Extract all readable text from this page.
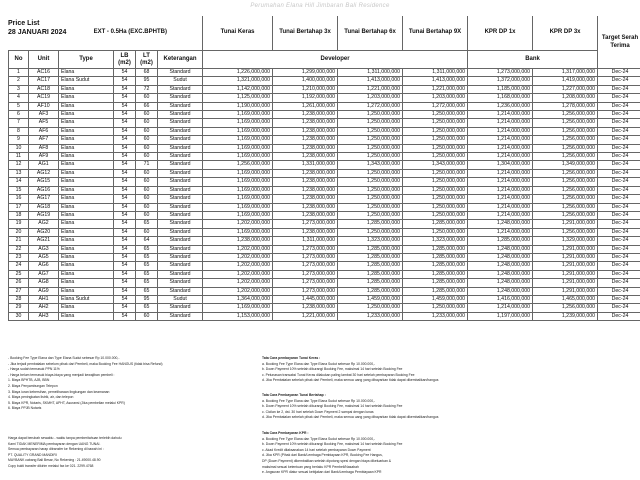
Perumahan Elana Hill Jimbaran Bali Residence
Price List
28 JANUARI 2024
		EXT - 0.5Ha (EXC.BPHTB)				Tunai Keras	Tunai Bertahap 3x	Tunai Bertahap 6x	Tunai Bertahap 9X	KPR DP 1x	KPR DP 3x	Target Serah Terima
No	Unit	Type	LB (m2)	LT (m2)	Keterangan	Developer				Bank		
1	AC16	Elana	54	68	Standard	1,226,000,000	1,299,000,000	1,311,000,000	1,311,000,000	1,273,000,000	1,317,000,000	Dec-24
2	AC17	Elana Sudut	54	95	Sudut	1,321,000,000	1,400,000,000	1,413,000,000	1,413,000,000	1,372,000,000	1,419,000,000	Dec-24
3	AC18	Elana	54	72	Standard	1,142,000,000	1,210,000,000	1,221,000,000	1,221,000,000	1,185,000,000	1,227,000,000	Dec-24
4	AC19	Elana	54	60	Standard	1,125,000,000	1,192,000,000	1,203,000,000	1,203,000,000	1,168,000,000	1,208,000,000	Dec-24
5	AF10	Elana	54	66	Standard	1,190,000,000	1,261,000,000	1,272,000,000	1,272,000,000	1,236,000,000	1,278,000,000	Dec-24
6	AF3	Elana	54	60	Standard	1,169,000,000	1,238,000,000	1,250,000,000	1,250,000,000	1,214,000,000	1,256,000,000	Dec-24
7	AF5	Elana	54	60	Standard	1,169,000,000	1,238,000,000	1,250,000,000	1,250,000,000	1,214,000,000	1,256,000,000	Dec-24
8	AF6	Elana	54	60	Standard	1,169,000,000	1,238,000,000	1,250,000,000	1,250,000,000	1,214,000,000	1,256,000,000	Dec-24
9	AF7	Elana	54	60	Standard	1,169,000,000	1,238,000,000	1,250,000,000	1,250,000,000	1,214,000,000	1,256,000,000	Dec-24
10	AF8	Elana	54	60	Standard	1,169,000,000	1,238,000,000	1,250,000,000	1,250,000,000	1,214,000,000	1,256,000,000	Dec-24
11	AF9	Elana	54	60	Standard	1,169,000,000	1,238,000,000	1,250,000,000	1,250,000,000	1,214,000,000	1,256,000,000	Dec-24
12	AG1	Elana	54	71	Standard	1,256,000,000	1,331,000,000	1,343,000,000	1,343,000,000	1,304,000,000	1,349,000,000	Dec-24
13	AG12	Elana	54	60	Standard	1,169,000,000	1,238,000,000	1,250,000,000	1,250,000,000	1,214,000,000	1,256,000,000	Dec-24
14	AG15	Elana	54	60	Standard	1,169,000,000	1,238,000,000	1,250,000,000	1,250,000,000	1,214,000,000	1,256,000,000	Dec-24
15	AG16	Elana	54	60	Standard	1,169,000,000	1,238,000,000	1,250,000,000	1,250,000,000	1,214,000,000	1,256,000,000	Dec-24
16	AG17	Elana	54	60	Standard	1,169,000,000	1,238,000,000	1,250,000,000	1,250,000,000	1,214,000,000	1,256,000,000	Dec-24
17	AG18	Elana	54	60	Standard	1,169,000,000	1,238,000,000	1,250,000,000	1,250,000,000	1,214,000,000	1,256,000,000	Dec-24
18	AG19	Elana	54	60	Standard	1,169,000,000	1,238,000,000	1,250,000,000	1,250,000,000	1,214,000,000	1,256,000,000	Dec-24
19	AG2	Elana	54	65	Standard	1,202,000,000	1,273,000,000	1,285,000,000	1,285,000,000	1,248,000,000	1,291,000,000	Dec-24
20	AG20	Elana	54	60	Standard	1,169,000,000	1,238,000,000	1,250,000,000	1,250,000,000	1,214,000,000	1,256,000,000	Dec-24
21	AG21	Elana	54	64	Standard	1,238,000,000	1,311,000,000	1,323,000,000	1,323,000,000	1,285,000,000	1,329,000,000	Dec-24
22	AG3	Elana	54	65	Standard	1,202,000,000	1,273,000,000	1,285,000,000	1,285,000,000	1,248,000,000	1,291,000,000	Dec-24
23	AG5	Elana	54	65	Standard	1,202,000,000	1,273,000,000	1,285,000,000	1,285,000,000	1,248,000,000	1,291,000,000	Dec-24
24	AG6	Elana	54	65	Standard	1,202,000,000	1,273,000,000	1,285,000,000	1,285,000,000	1,248,000,000	1,291,000,000	Dec-24
25	AG7	Elana	54	65	Standard	1,202,000,000	1,273,000,000	1,285,000,000	1,285,000,000	1,248,000,000	1,291,000,000	Dec-24
26	AG8	Elana	54	65	Standard	1,202,000,000	1,273,000,000	1,285,000,000	1,285,000,000	1,248,000,000	1,291,000,000	Dec-24
27	AG9	Elana	54	65	Standard	1,202,000,000	1,273,000,000	1,285,000,000	1,285,000,000	1,248,000,000	1,291,000,000	Dec-24
28	AH1	Elana Sudut	54	95	Sudut	1,364,000,000	1,445,000,000	1,459,000,000	1,459,000,000	1,416,000,000	1,465,000,000	Dec-24
29	AH2	Elana	54	65	Standard	1,169,000,000	1,238,000,000	1,250,000,000	1,250,000,000	1,214,000,000	1,256,000,000	Dec-24
30	AH3	Elana	54	60	Standard	1,153,000,000	1,221,000,000	1,233,000,000	1,233,000,000	1,197,000,000	1,239,000,000	Dec-24
- Booking Fee Type Elana dan Type Elana Sudut sebesar Rp 10.000.000,-
- Jika terjadi pembatalan sebelum pihak dari Pembeli, maka Booking Fee HANGUS (tidak bisa Refund)
- Harga sudah termasuk PPN 11%
- Harga belum termasuk biaya-biaya yang menjadi kewajiban pembeli :
1. Biaya BPHTB, AJB, BBN
2. Biaya Penyambungan Telepon
3. Biaya iuran kebersihan, pemeliharaan lingkungan dan keamanan
4. Biaya peningkatan listrik, air, dan telepon
5. Biaya KPR, Notaris, SKMHT, APHT, Asuransi (Jika pembelian melalui KPR)
6. Biaya PPJB Notaris
Harga dapat berubah sewaktu - waktu tanpa pemberitahuan terlebih dahulu
Kami TIDAK MENERIMA pembayaran dengan UANG TUNAI.
Semua pembayaran harap ditransfer ke Rekening di bawah ini :
PT. QUALITY GRAND MANDIRI
MAYBANK cabang Bali Besar, No Rekening : 21.49000.48.90
Copy bukti transfer dikirim melalui fax ke 021. 2299.4768
Tata Cara pembayaran Tunai Keras :
a. Booking Fee Type Elana dan Type Elana Sudut sebesar Rp 10.000.000,-
b. Down Payment 10% setelah dikurangi Booking Fee, maksimal 14 hari setelah Booking Fee
c. Pelunasan transaksi Tunai Keras dilakukan paling lambat 30 hari setelah pembayaran Booking Fee
d. Jika Pembatalan sebelah pihak dari Pembeli, maka semua uang yang dibayarkan tidak dapat dikembalikan/hangus
Tata Cara Pembayaran Tunai Bertahap :
a. Booking Fee Type Elana dan Type Elana Sudut sebesar Rp 10.000.000,-
b. Down Payment 10% setelah dikurangi Booking Fee, maksimal 14 hari setelah Booking Fee
c. Cicilan ke 2, dst. 30 hari setelah Down Payment 2 sampai dengan lunas
d. Jika Pembatalan sebelah pihak dari Pembeli, maka semua uang yang dibayarkan tidak dapat dikembalikan/hangus
Tata Cara Pembayaran KPR :
a. Booking Fee Type Elana dan Type Elana Sudut sebesar Rp 10.000.000,-
b. Down Payment 10% setelah dikurangi Booking Fee, maksimal 14 hari setelah Booking Fee
c. Akad Kredit dilaksanakan 14 hari setelah pembayaran Down Payment
d. Jika KPR (Pihak dari Bank/Lembaga Pembiayaan KPR, Booking Fee Hangus,
DP (Down Payment) dikembalikan setelah dipotong spesi dengan biaya dikeluarkan &
maksimal sesuai ketentuan yang berlaku KPR Pembeli/Nasabah
e. Angsuran KPR diatur sesuai kebijakan dari Bank/Lembaga Pembiayaan KPR
